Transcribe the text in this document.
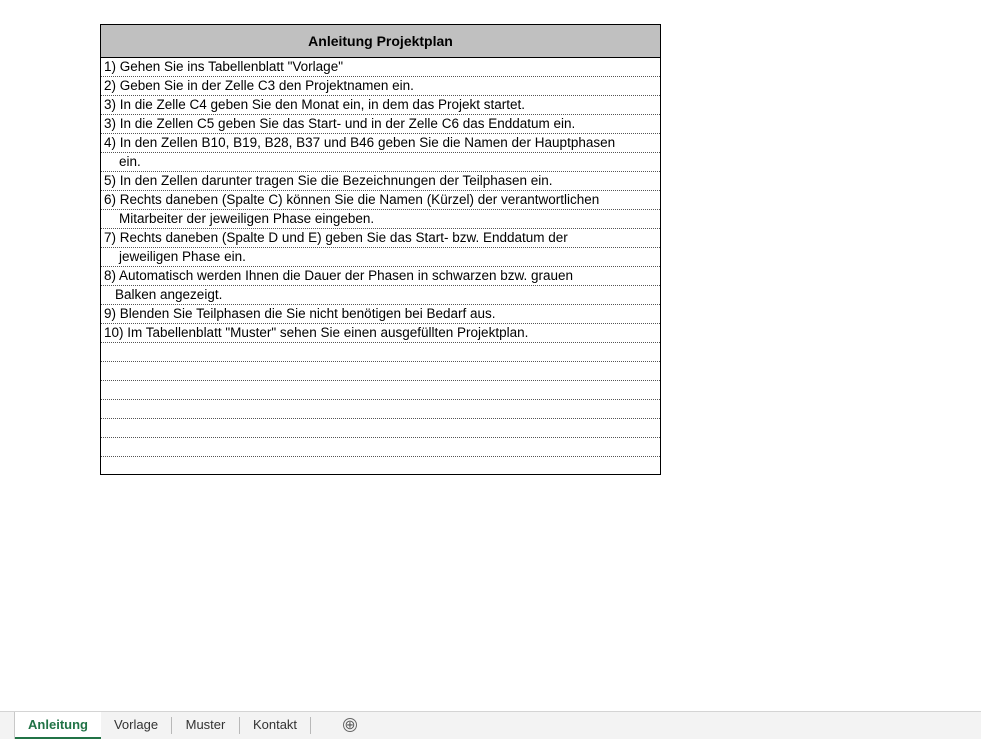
Anleitung Projektplan
1) Gehen Sie ins Tabellenblatt "Vorlage"
2) Geben Sie in der Zelle C3 den Projektnamen ein.
3) In die Zelle C4 geben Sie den Monat ein, in dem das Projekt startet.
3) In die Zellen C5 geben Sie das Start- und in der Zelle C6 das Enddatum ein.
4) In den Zellen B10, B19, B28, B37 und B46 geben Sie die Namen der Hauptphasen
ein.
5) In den Zellen darunter tragen Sie die Bezeichnungen der Teilphasen ein.
6) Rechts daneben (Spalte C) können Sie die Namen (Kürzel) der verantwortlichen
Mitarbeiter der jeweiligen Phase eingeben.
7) Rechts daneben (Spalte D und E) geben Sie das Start- bzw. Enddatum der
jeweiligen Phase ein.
8) Automatisch werden Ihnen die Dauer der Phasen in schwarzen bzw. grauen
Balken angezeigt.
9) Blenden Sie Teilphasen die Sie nicht benötigen bei Bedarf aus.
10) Im Tabellenblatt "Muster" sehen Sie einen ausgefüllten Projektplan.
Anleitung	Vorlage	Muster	Kontakt	⊕
